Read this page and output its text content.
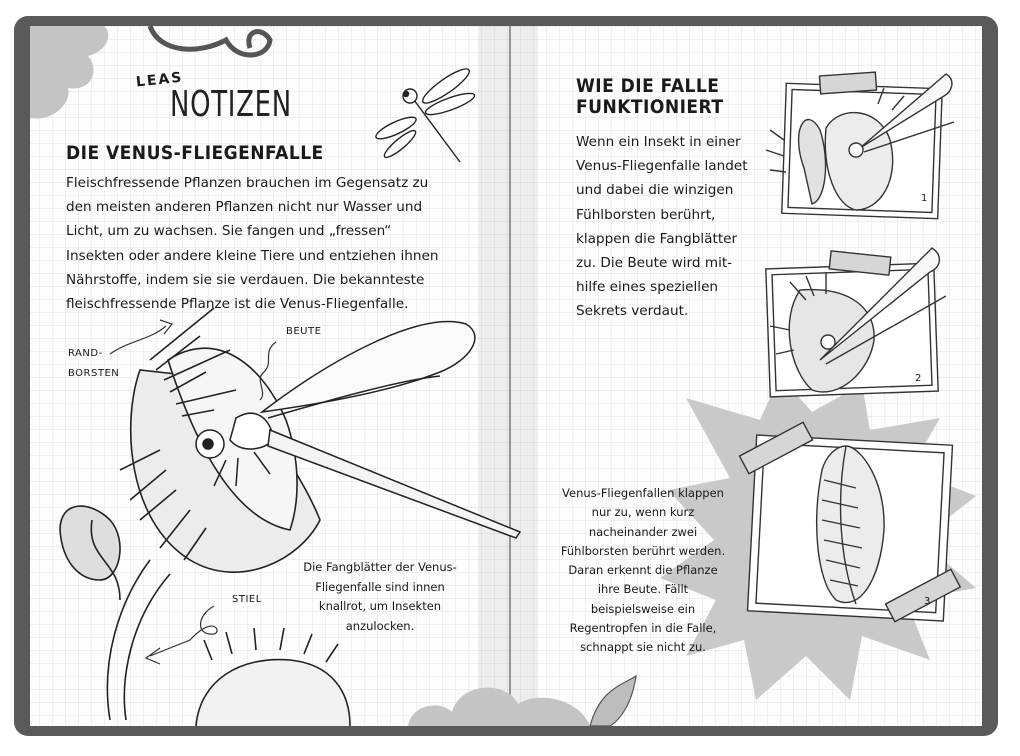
LEAS

NOTIZEN

DIE VENUS-FLIEGENFALLE

Fleischfressende Pflanzen brauchen im Gegensatz zu den meisten anderen Pflanzen nicht nur Wasser und Licht, um zu wachsen. Sie fangen und „fressen“ Insekten oder andere kleine Tiere und entziehen ihnen Nährstoffe, indem sie sie verdauen. Die bekannteste fleischfressende Pflanze ist die Venus-Fliegenfalle.

RAND-BORSTEN

BEUTE

STIEL

Die Fangblätter der Venus-Fliegenfalle sind innen knallrot, um Insekten anzulocken.

WIE DIE FALLE FUNKTIONIERT

Wenn ein Insekt in einer Venus-Fliegenfalle landet und dabei die winzigen Fühlborsten berührt, klappen die Fangblätter zu. Die Beute wird mit-hilfe eines speziellen Sekrets verdaut.

Venus-Fliegenfallen klappen nur zu, wenn kurz nacheinander zwei Fühlborsten berührt werden. Daran erkennt die Pflanze ihre Beute. Fällt beispielsweise ein Regentropfen in die Falle, schnappt sie nicht zu.

1
2
3
